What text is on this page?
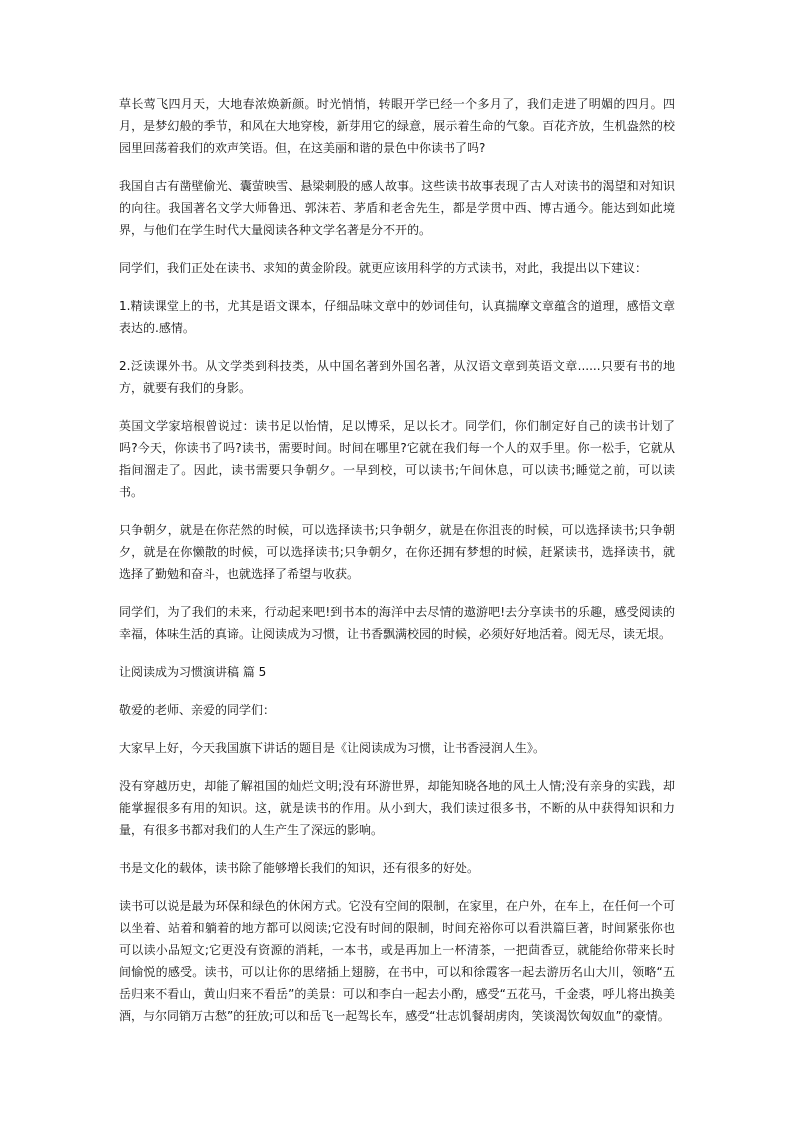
草长莺飞四月天，大地春浓焕新颜。时光悄悄，转眼开学已经一个多月了，我们走进了明媚的四月。四月，是梦幻般的季节，和风在大地穿梭，新芽用它的绿意，展示着生命的气象。百花齐放，生机盎然的校园里回荡着我们的欢声笑语。但，在这美丽和谐的景色中你读书了吗?

我国自古有凿壁偷光、囊萤映雪、悬梁刺股的感人故事。这些读书故事表现了古人对读书的渴望和对知识的向往。我国著名文学大师鲁迅、郭沫若、茅盾和老舍先生，都是学贯中西、博古通今。能达到如此境界，与他们在学生时代大量阅读各种文学名著是分不开的。

同学们，我们正处在读书、求知的黄金阶段。就更应该用科学的方式读书，对此，我提出以下建议：

1.精读课堂上的书，尤其是语文课本，仔细品味文章中的妙词佳句，认真揣摩文章蕴含的道理，感悟文章表达的.感情。

2.泛读课外书。从文学类到科技类，从中国名著到外国名著，从汉语文章到英语文章......只要有书的地方，就要有我们的身影。

英国文学家培根曾说过：读书足以怡情，足以博采，足以长才。同学们，你们制定好自己的读书计划了吗?今天，你读书了吗?读书，需要时间。时间在哪里?它就在我们每一个人的双手里。你一松手，它就从指间溜走了。因此，读书需要只争朝夕。一早到校，可以读书;午间休息，可以读书;睡觉之前，可以读书。

只争朝夕，就是在你茫然的时候，可以选择读书;只争朝夕，就是在你沮丧的时候，可以选择读书;只争朝夕，就是在你懒散的时候，可以选择读书;只争朝夕，在你还拥有梦想的时候，赶紧读书，选择读书，就选择了勤勉和奋斗，也就选择了希望与收获。

同学们，为了我们的未来，行动起来吧!到书本的海洋中去尽情的遨游吧!去分享读书的乐趣，感受阅读的幸福，体味生活的真谛。让阅读成为习惯，让书香飘满校园的时候，必须好好地活着。阅无尽，读无垠。

让阅读成为习惯演讲稿 篇 5

敬爱的老师、亲爱的同学们：

大家早上好，今天我国旗下讲话的题目是《让阅读成为习惯，让书香浸润人生》。

没有穿越历史，却能了解祖国的灿烂文明;没有环游世界，却能知晓各地的风土人情;没有亲身的实践，却能掌握很多有用的知识。这，就是读书的作用。从小到大，我们读过很多书，不断的从中获得知识和力量，有很多书都对我们的人生产生了深远的影响。

书是文化的载体，读书除了能够增长我们的知识，还有很多的好处。

读书可以说是最为环保和绿色的休闲方式。它没有空间的限制，在家里，在户外，在车上，在任何一个可以坐着、站着和躺着的地方都可以阅读;它没有时间的限制，时间充裕你可以看洪篇巨著，时间紧张你也可以读小品短文;它更没有资源的消耗，一本书，或是再加上一杯清茶，一把茴香豆，就能给你带来长时间愉悦的感受。读书，可以让你的思绪插上翅膀，在书中，可以和徐霞客一起去游历名山大川，领略“五岳归来不看山，黄山归来不看岳”的美景：可以和李白一起去小酌，感受“五花马，千金裘，呼儿将出换美酒，与尔同销万古愁”的狂放;可以和岳飞一起驾长车，感受“壮志饥餐胡虏肉，笑谈渴饮匈奴血”的豪情。
